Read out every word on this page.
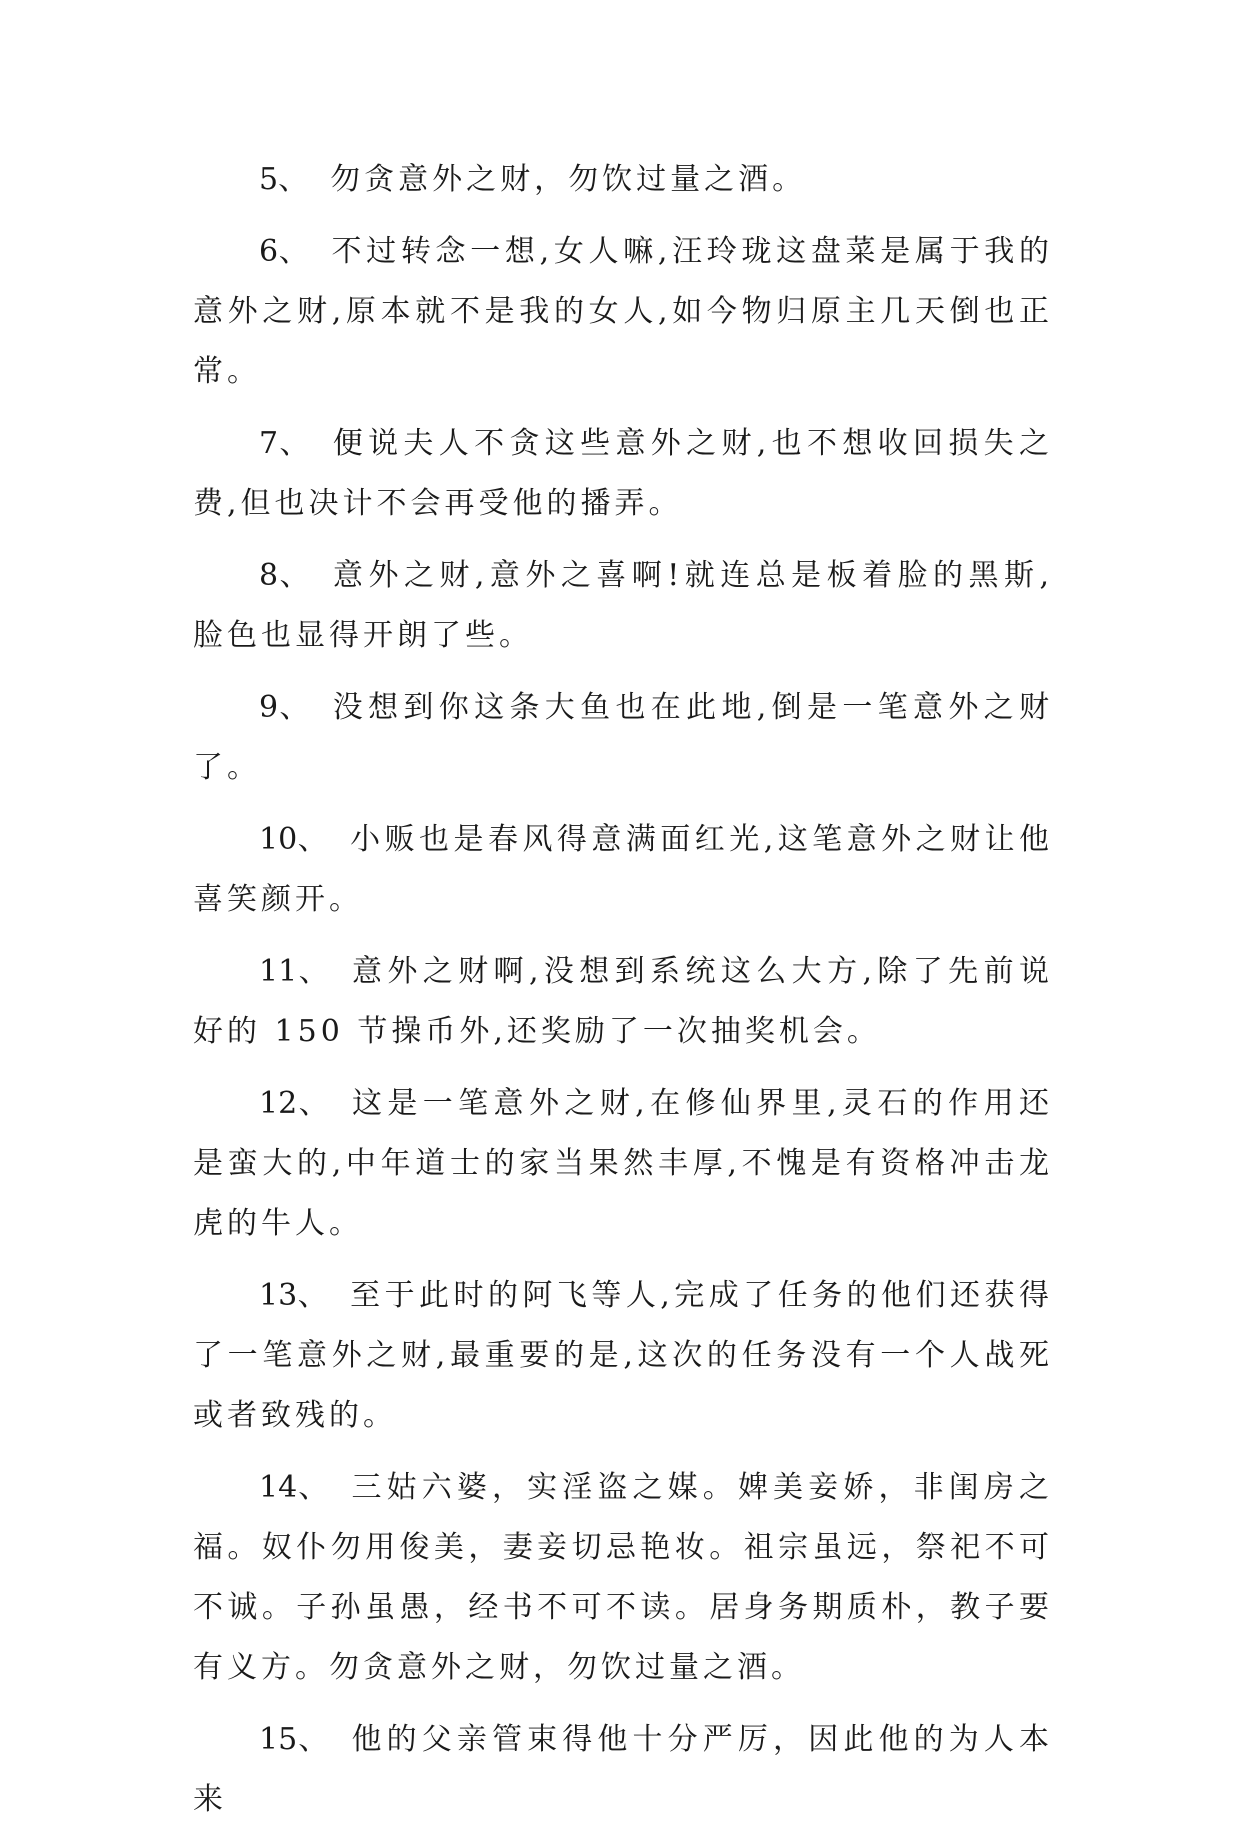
5、 勿贪意外之财，勿饮过量之酒。

6、 不过转念一想,女人嘛,汪玲珑这盘菜是属于我的意外之财,原本就不是我的女人,如今物归原主几天倒也正常。

7、 便说夫人不贪这些意外之财,也不想收回损失之费,但也决计不会再受他的播弄。

8、 意外之财,意外之喜啊!就连总是板着脸的黑斯,脸色也显得开朗了些。

9、 没想到你这条大鱼也在此地,倒是一笔意外之财了。

10、 小贩也是春风得意满面红光,这笔意外之财让他喜笑颜开。

11、 意外之财啊,没想到系统这么大方,除了先前说好的 150 节操币外,还奖励了一次抽奖机会。

12、 这是一笔意外之财,在修仙界里,灵石的作用还是蛮大的,中年道士的家当果然丰厚,不愧是有资格冲击龙虎的牛人。

13、 至于此时的阿飞等人,完成了任务的他们还获得了一笔意外之财,最重要的是,这次的任务没有一个人战死或者致残的。

14、 三姑六婆，实淫盗之媒。婢美妾娇，非闺房之福。奴仆勿用俊美，妻妾切忌艳妆。祖宗虽远，祭祀不可不诚。子孙虽愚，经书不可不读。居身务期质朴，教子要有义方。勿贪意外之财，勿饮过量之酒。

15、 他的父亲管束得他十分严厉，因此他的为人本来
